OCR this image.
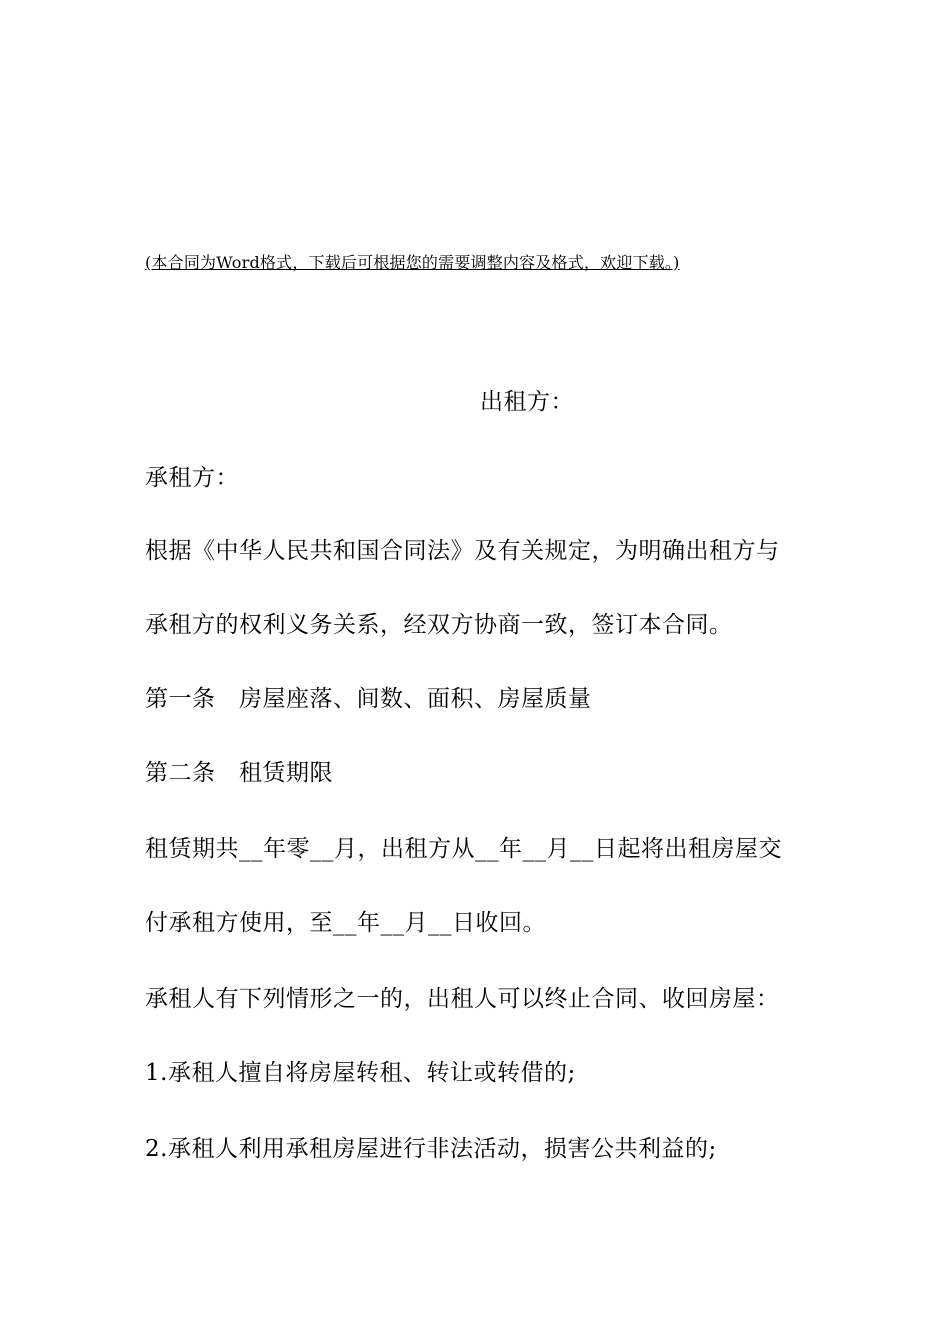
(本合同为Word格式，下载后可根据您的需要调整内容及格式，欢迎下载。)
出租方：
承租方：
根据《中华人民共和国合同法》及有关规定，为明确出租方与
承租方的权利义务关系，经双方协商一致，签订本合同。
第一条　房屋座落、间数、面积、房屋质量
第二条　租赁期限
租赁期共__年零__月，出租方从__年__月__日起将出租房屋交
付承租方使用，至__年__月__日收回。
承租人有下列情形之一的，出租人可以终止合同、收回房屋：
1.承租人擅自将房屋转租、转让或转借的;
2.承租人利用承租房屋进行非法活动，损害公共利益的;
